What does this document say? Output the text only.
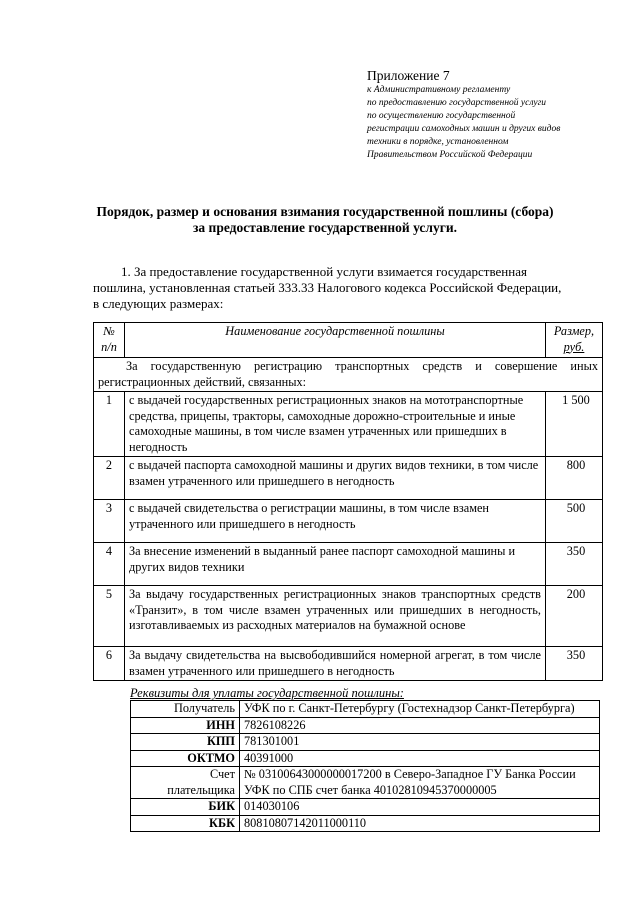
Приложение 7
к Административному регламенту
по предоставлению государственной услуги
по осуществлению государственной
регистрации самоходных машин и других видов
техники в порядке, установленном
Правительством Российской Федерации
Порядок, размер и основания взимания государственной пошлины (сбора)
за предоставление государственной услуги.
1. За предоставление государственной услуги взимается государственная
пошлина, установленная статьей 333.33 Налогового кодекса Российской Федерации,
в следующих размерах:
№
п/п	Наименование государственной пошлины	Размер,
руб.
За государственную регистрацию транспортных средств и совершение иных регистрационных действий, связанных:		
1	с выдачей государственных регистрационных знаков на мототранспортные средства, прицепы, тракторы, самоходные дорожно-строительные и иные самоходные машины, в том числе взамен утраченных или пришедших в негодность	1 500
2	с выдачей паспорта самоходной машины и других видов техники, в том числе взамен утраченного или пришедшего в негодность	800
3	с выдачей свидетельства о регистрации машины, в том числе взамен утраченного или пришедшего в негодность	500
4	За внесение изменений в выданный ранее паспорт самоходной машины и других видов техники	350
5	За выдачу государственных регистрационных знаков транспортных средств «Транзит», в том числе взамен утраченных или пришедших в негодность, изготавливаемых из расходных материалов на бумажной основе	200
6	За выдачу свидетельства на высвободившийся номерной агрегат, в том числе взамен утраченного или пришедшего в негодность	350
Реквизиты для уплаты государственной пошлины:
Получатель	УФК по г. Санкт-Петербургу (Гостехнадзор Санкт-Петербурга)
ИНН	7826108226
КПП	781301001
ОКТМО	40391000
Счет
плательщика	№ 03100643000000017200 в Северо-Западное ГУ Банка России
УФК по СПБ счет банка 40102810945370000005
БИК	014030106
КБК	80810807142011000110
